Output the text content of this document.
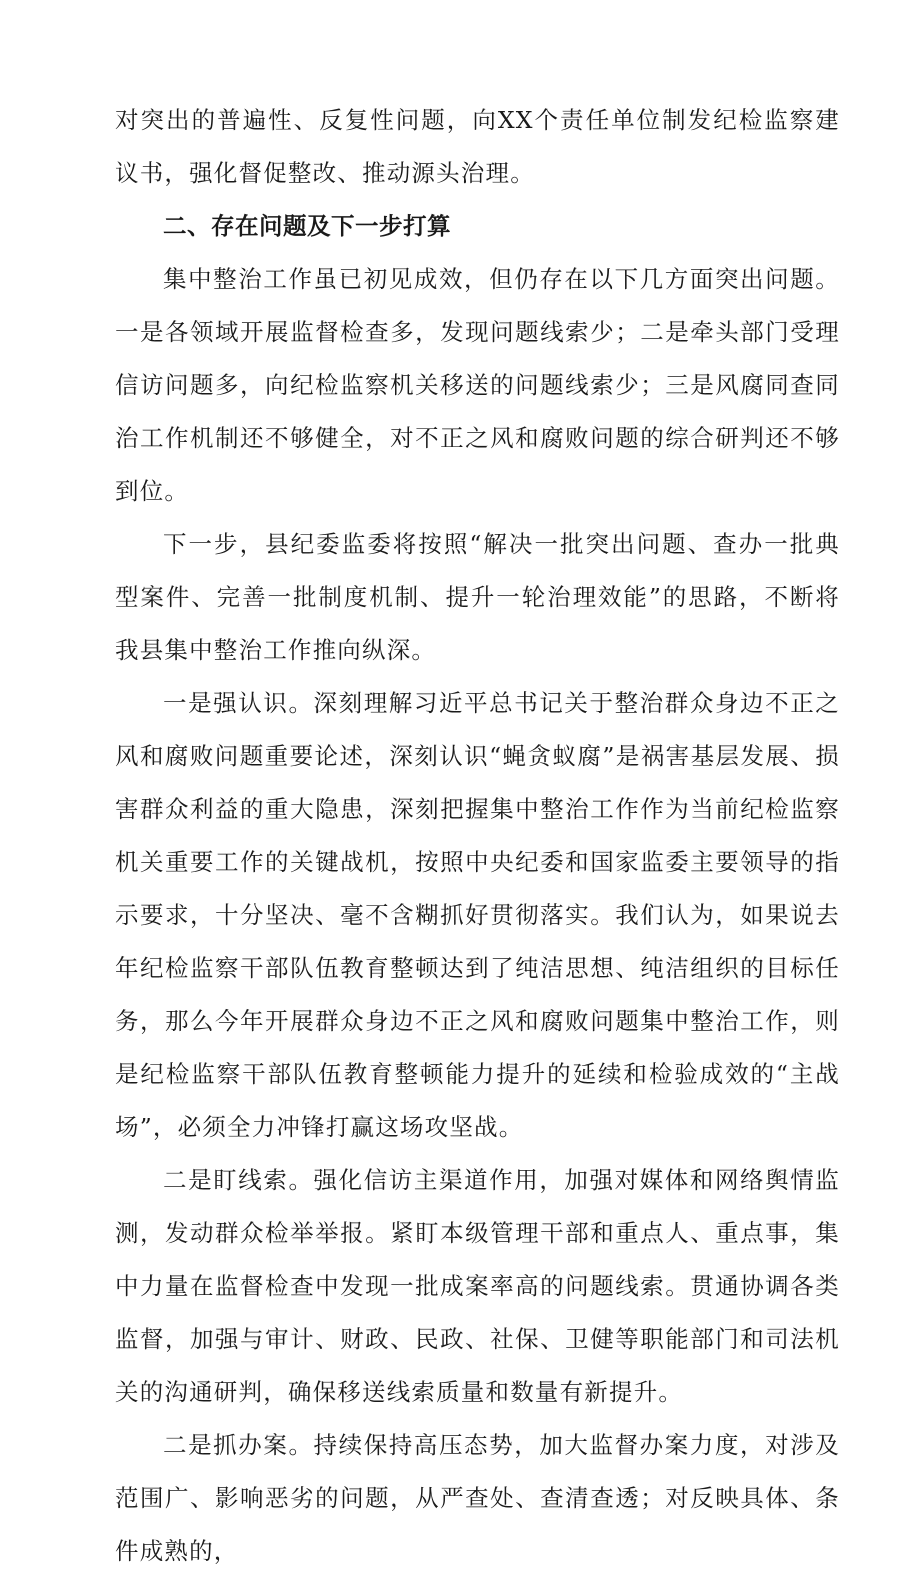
对突出的普遍性、反复性问题，向XX个责任单位制发纪检监察建议书，强化督促整改、推动源头治理。

二、存在问题及下一步打算

集中整治工作虽已初见成效，但仍存在以下几方面突出问题。一是各领域开展监督检查多，发现问题线索少；二是牵头部门受理信访问题多，向纪检监察机关移送的问题线索少；三是风腐同查同治工作机制还不够健全，对不正之风和腐败问题的综合研判还不够到位。

下一步，县纪委监委将按照“解决一批突出问题、查办一批典型案件、完善一批制度机制、提升一轮治理效能”的思路，不断将我县集中整治工作推向纵深。

一是强认识。深刻理解习近平总书记关于整治群众身边不正之风和腐败问题重要论述，深刻认识“蝇贪蚁腐”是祸害基层发展、损害群众利益的重大隐患，深刻把握集中整治工作作为当前纪检监察机关重要工作的关键战机，按照中央纪委和国家监委主要领导的指示要求，十分坚决、毫不含糊抓好贯彻落实。我们认为，如果说去年纪检监察干部队伍教育整顿达到了纯洁思想、纯洁组织的目标任务，那么今年开展群众身边不正之风和腐败问题集中整治工作，则是纪检监察干部队伍教育整顿能力提升的延续和检验成效的“主战场”，必须全力冲锋打赢这场攻坚战。

二是盯线索。强化信访主渠道作用，加强对媒体和网络舆情监测，发动群众检举举报。紧盯本级管理干部和重点人、重点事，集中力量在监督检查中发现一批成案率高的问题线索。贯通协调各类监督，加强与审计、财政、民政、社保、卫健等职能部门和司法机关的沟通研判，确保移送线索质量和数量有新提升。

二是抓办案。持续保持高压态势，加大监督办案力度，对涉及范围广、影响恶劣的问题，从严查处、查清查透；对反映具体、条件成熟的，
